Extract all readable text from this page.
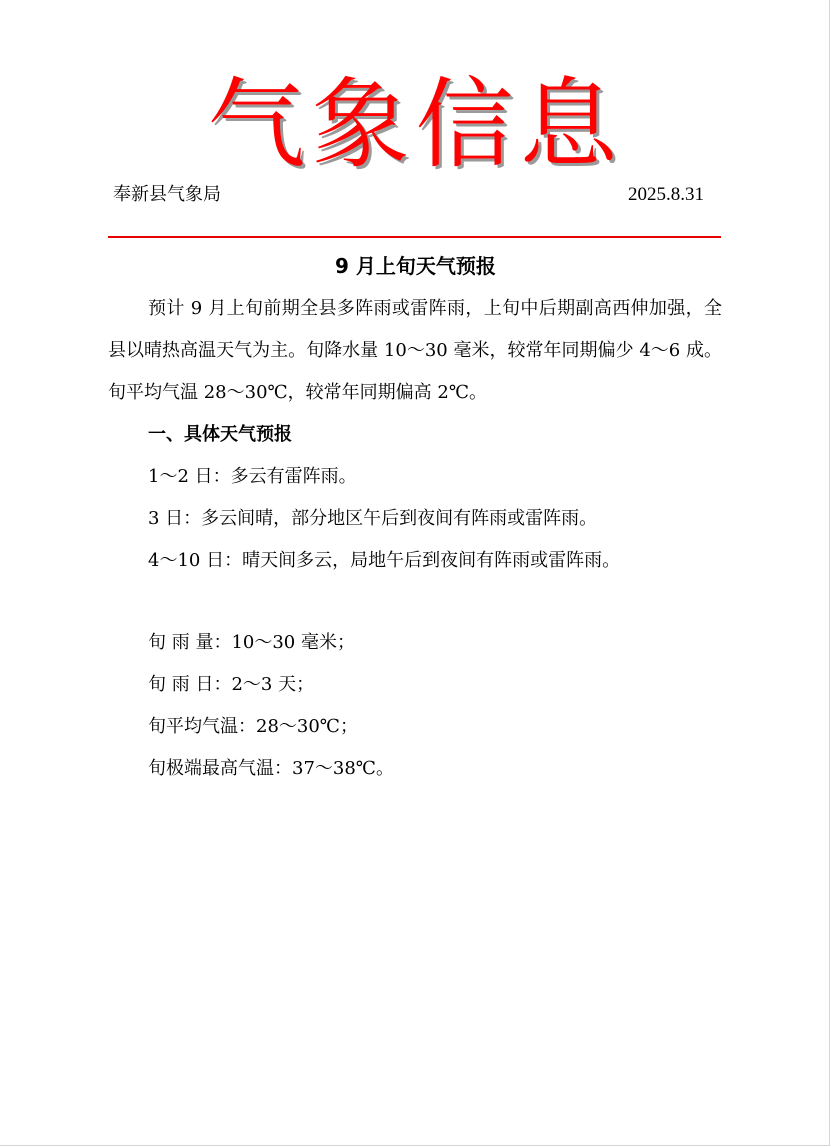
气象信息
奉新县气象局	2025.8.31
9 月上旬天气预报

预计 9 月上旬前期全县多阵雨或雷阵雨，上旬中后期副高西伸加强，全县以晴热高温天气为主。旬降水量 10～30 毫米，较常年同期偏少 4～6 成。旬平均气温 28～30℃，较常年同期偏高 2℃。

一、具体天气预报

1～2 日：多云有雷阵雨。

3 日：多云间晴，部分地区午后到夜间有阵雨或雷阵雨。

4～10 日：晴天间多云，局地午后到夜间有阵雨或雷阵雨。

旬 雨 量：10～30 毫米；

旬 雨 日：2～3 天；

旬平均气温：28～30℃；

旬极端最高气温：37～38℃。
